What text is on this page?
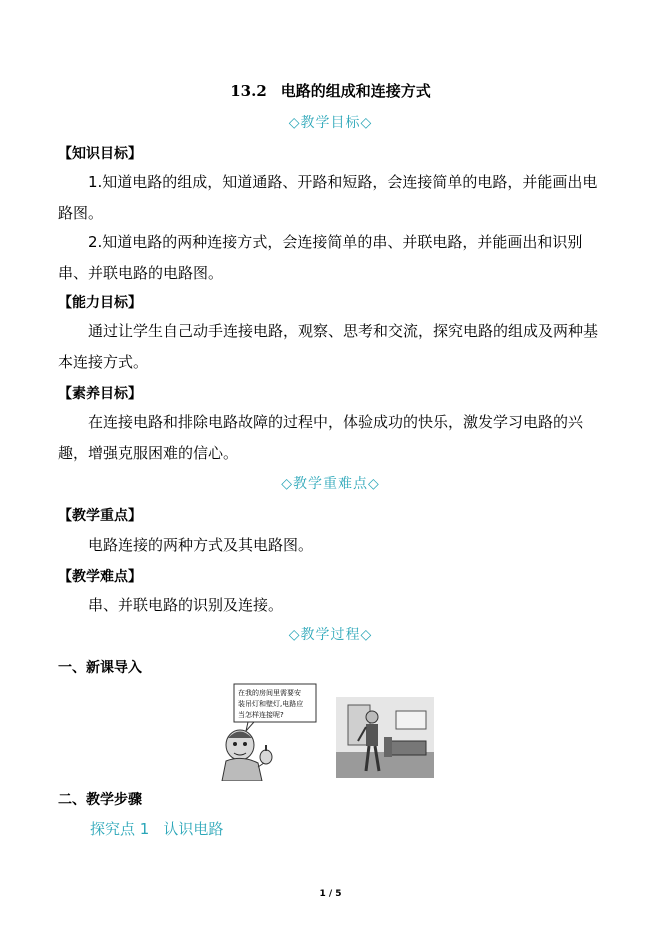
13.2 电路的组成和连接方式
◇教学目标◇
【知识目标】

1.知道电路的组成，知道通路、开路和短路，会连接简单的电路，并能画出电路图。

2.知道电路的两种连接方式，会连接简单的串、并联电路，并能画出和识别串、并联电路的电路图。

【能力目标】

通过让学生自己动手连接电路，观察、思考和交流，探究电路的组成及两种基本连接方式。

【素养目标】

在连接电路和排除电路故障的过程中，体验成功的快乐，激发学习电路的兴趣，增强克服困难的信心。

◇教学重难点◇
【教学重点】

电路连接的两种方式及其电路图。

【教学难点】

串、并联电路的识别及连接。

◇教学过程◇
一、新课导入
在我的房间里需要安
装吊灯和壁灯,电路应
当怎样连接呢?
二、教学步骤
探究点 1 认识电路
1 / 5
